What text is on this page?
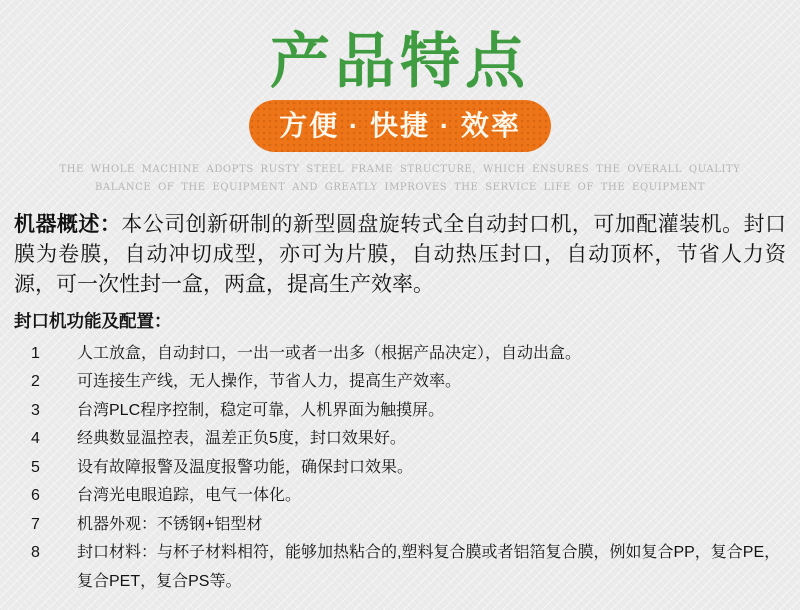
产品特点
方便 · 快捷 · 效率
THE WHOLE MACHINE ADOPTS RUSTY STEEL FRAME STRUCTURE, WHICH ENSURES THE OVERALL QUALITY
BALANCE OF THE EQUIPMENT AND GREATLY IMPROVES THE SERVICE LIFE OF THE EQUIPMENT

机器概述：本公司创新研制的新型圆盘旋转式全自动封口机，可加配灌装机。封口膜为卷膜，自动冲切成型，亦可为片膜，自动热压封口，自动顶杯，节省人力资源，可一次性封一盒，两盒，提高生产效率。

封口机功能及配置：
1	人工放盒，自动封口，一出一或者一出多（根据产品决定），自动出盒。
2	可连接生产线，无人操作，节省人力，提高生产效率。
3	台湾PLC程序控制，稳定可靠，人机界面为触摸屏。
4	经典数显温控表，温差正负5度，封口效果好。
5	设有故障报警及温度报警功能，确保封口效果。
6	台湾光电眼追踪，电气一体化。
7	机器外观：不锈钢+铝型材
8	封口材料：与杯子材料相符，能够加热粘合的,塑料复合膜或者铝箔复合膜，例如复合PP，复合PE，复合PET，复合PS等。
